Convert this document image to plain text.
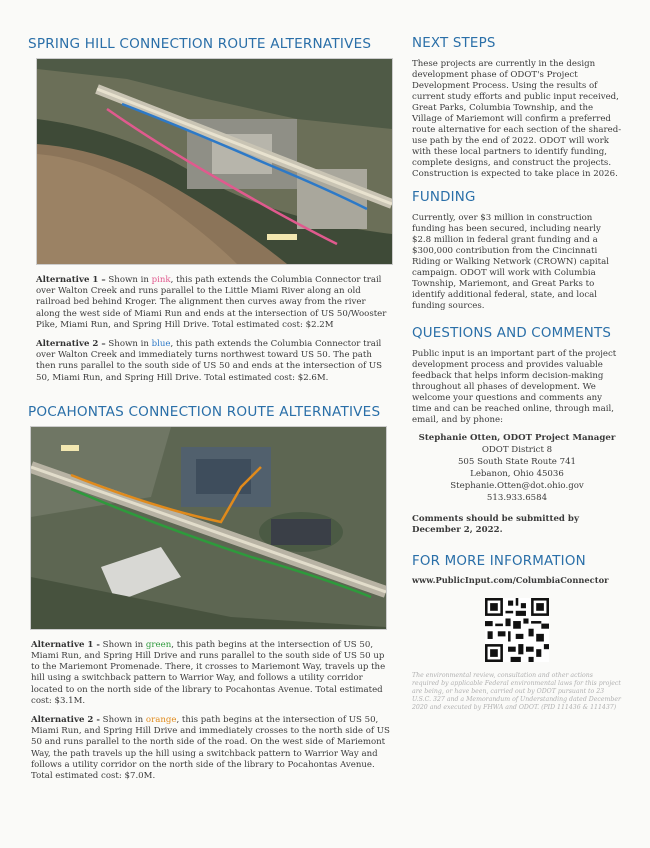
SPRING HILL CONNECTION ROUTE ALTERNATIVES

Alternative 1 – Shown in pink, this path extends the Columbia Connector trail over Walton Creek and runs parallel to the Little Miami River along an old railroad bed behind Kroger. The alignment then curves away from the river along the west side of Miami Run and ends at the intersection of US 50/Wooster Pike, Miami Run, and Spring Hill Drive. Total estimated cost: $2.2M

Alternative 2 – Shown in blue, this path extends the Columbia Connector trail over Walton Creek and immediately turns northwest toward US 50. The path then runs parallel to the south side of US 50 and ends at the intersection of US 50, Miami Run, and Spring Hill Drive. Total estimated cost: $2.6M.

POCAHONTAS CONNECTION ROUTE ALTERNATIVES

Alternative 1 - Shown in green, this path begins at the intersection of US 50, Miami Run, and Spring Hill Drive and runs parallel to the south side of US 50 up to the Mariemont Promenade. There, it crosses to Mariemont Way, travels up the hill using a switchback pattern to Warrior Way, and follows a utility corridor located to on the north side of the library to Pocahontas Avenue. Total estimated cost: $3.1M.

Alternative 2 - Shown in orange, this path begins at the intersection of US 50, Miami Run, and Spring Hill Drive and immediately crosses to the north side of US 50 and runs parallel to the north side of the road. On the west side of Mariemont Way, the path travels up the hill using a switchback pattern to Warrior Way and follows a utility corridor on the north side of the library to Pocahontas Avenue. Total estimated cost: $7.0M.

NEXT STEPS

These projects are currently in the design development phase of ODOT's Project Development Process. Using the results of current study efforts and public input received, Great Parks, Columbia Township, and the Village of Mariemont will confirm a preferred route alternative for each section of the shared-use path by the end of 2022. ODOT will work with these local partners to identify funding, complete designs, and construct the projects. Construction is expected to take place in 2026.

FUNDING

Currently, over $3 million in construction funding has been secured, including nearly $2.8 million in federal grant funding and a $300,000 contribution from the Cincinnati Riding or Walking Network (CROWN) capital campaign. ODOT will work with Columbia Township, Mariemont, and Great Parks to identify additional federal, state, and local funding sources.

QUESTIONS AND COMMENTS

Public input is an important part of the project development process and provides valuable feedback that helps inform decision-making throughout all phases of development. We welcome your questions and comments any time and can be reached online, through mail, email, and by phone:

Stephanie Otten, ODOT Project Manager

ODOT District 8

505 South State Route 741

Lebanon, Ohio 45036

Stephanie.Otten@dot.ohio.gov

513.933.6584

Comments should be submitted by December 2, 2022.

FOR MORE INFORMATION

www.PublicInput.com/ColumbiaConnector

The environmental review, consultation and other actions required by applicable Federal environmental laws for this project are being, or have been, carried out by ODOT pursuant to 23 U.S.C. 327 and a Memorandum of Understanding dated December 2020 and executed by FHWA and ODOT. (PID 111436 & 111437)
